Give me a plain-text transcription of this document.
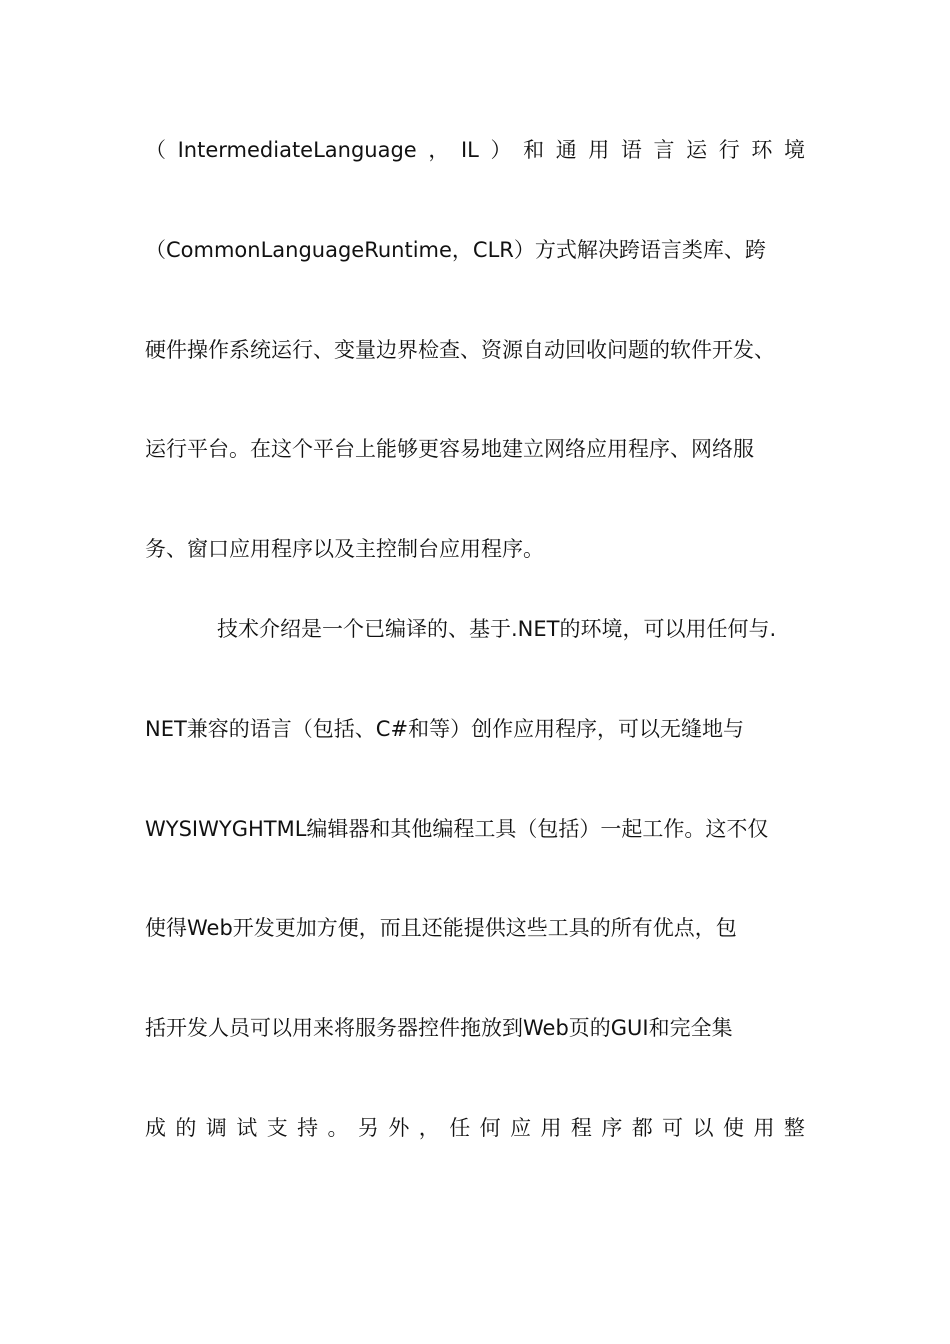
（ IntermediateLanguage ， IL ） 和 通 用 语 言 运 行 环 境
（CommonLanguageRuntime，CLR）方式解决跨语言类库、跨
硬件操作系统运行、变量边界检查、资源自动回收问题的软件开发、
运行平台。在这个平台上能够更容易地建立网络应用程序、网络服
务、窗口应用程序以及主控制台应用程序。
技术介绍是一个已编译的、基于.NET的环境，可以用任何与.
NET兼容的语言（包括、C#和等）创作应用程序，可以无缝地与
WYSIWYGHTML编辑器和其他编程工具（包括）一起工作。这不仅
使得Web开发更加方便，而且还能提供这些工具的所有优点，包
括开发人员可以用来将服务器控件拖放到Web页的GUI和完全集
成 的 调 试 支 持 。 另 外 ， 任 何 应 用 程 序 都 可 以 使 用 整
